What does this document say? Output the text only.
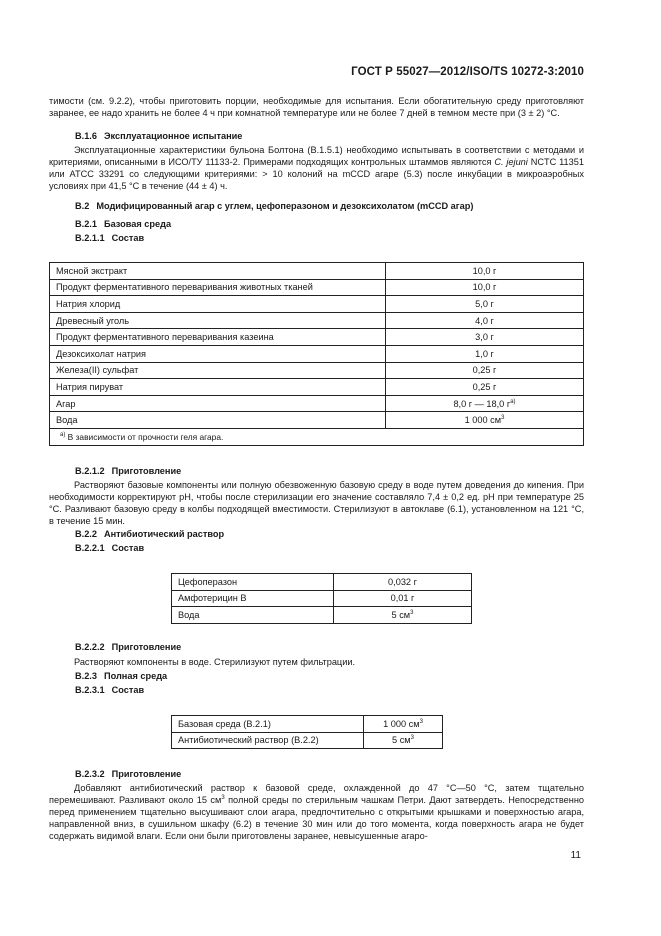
ГОСТ Р 55027—2012/ISO/TS 10272-3:2010
тимости (см. 9.2.2), чтобы приготовить порции, необходимые для испытания. Если обогатительную среду приготовляют заранее, ее надо хранить не более 4 ч при комнатной температуре или не более 7 дней в темном месте при (3 ± 2) °С.
В.1.6 Эксплуатационное испытание
Эксплуатационные характеристики бульона Болтона (В.1.5.1) необходимо испытывать в соответствии с методами и критериями, описанными в ИСО/ТУ 11133-2. Примерами подходящих контрольных штаммов являются C. jejuni NCTC 11351 или ATCC 33291 со следующими критериями: > 10 колоний на mCCD агаре (5.3) после инкубации в микроаэробных условиях при 41,5 °С в течение (44 ± 4) ч.
В.2 Модифицированный агар с углем, цефоперазоном и дезоксихолатом (mCCD агар)
В.2.1 Базовая среда
В.2.1.1 Состав
Мясной экстракт	10,0 г
Продукт ферментативного переваривания животных тканей	10,0 г
Натрия хлорид	5,0 г
Древесный уголь	4,0 г
Продукт ферментативного переваривания казеина	3,0 г
Дезоксихолат натрия	1,0 г
Железа(II) сульфат	0,25 г
Натрия пируват	0,25 г
Агар	8,0 г — 18,0 $г^{а)}$
Вода	1 000 $см^3$
$^{а)}$ В зависимости от прочности геля агара.	
В.2.1.2 Приготовление
Растворяют базовые компоненты или полную обезвоженную базовую среду в воде путем доведения до кипения. При необходимости корректируют pH, чтобы после стерилизации его значение составляло 7,4 ± 0,2 ед. pH при температуре 25 °С. Разливают базовую среду в колбы подходящей вместимости. Стерилизуют в автоклаве (6.1), установленном на 121 °С, в течение 15 мин.
В.2.2 Антибиотический раствор
В.2.2.1 Состав
Цефоперазон	0,032 г
Амфотерицин В	0,01 г
Вода	5 $см^3$
В.2.2.2 Приготовление
Растворяют компоненты в воде. Стерилизуют путем фильтрации.
В.2.3 Полная среда
В.2.3.1 Состав
Базовая среда (В.2.1)	1 000 $см^3$
Антибиотический раствор (В.2.2)	5 $см^3$
В.2.3.2 Приготовление
Добавляют антибиотический раствор к базовой среде, охлажденной до 47 °С—50 °С, затем тщательно перемешивают. Разливают около 15 $см^3$ полной среды по стерильным чашкам Петри. Дают затвердеть. Непосредственно перед применением тщательно высушивают слои агара, предпочтительно с открытыми крышками и поверхностью агара, направленной вниз, в сушильном шкафу (6.2) в течение 30 мин или до того момента, когда поверхность агара не будет содержать видимой влаги. Если они были приготовлены заранее, невысушенные агаро-
11
